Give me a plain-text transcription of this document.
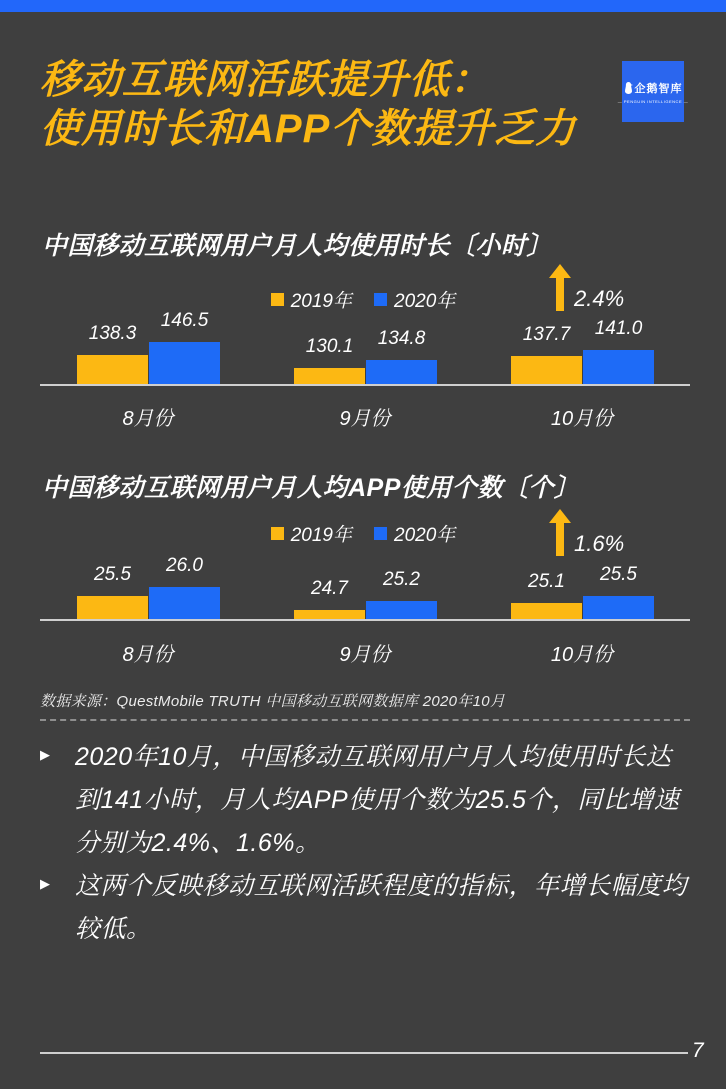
移动互联网活跃提升低：
使用时长和APP个数提升乏力
企鹅智库
— PENGUIN INTELLIGENCE —
中国移动互联网用户月人均使用时长〔小时〕
2019年 2020年	2.4%
138.3
146.5
130.1	134.8	137.7	141.0
8月份	9月份	10月份
中国移动互联网用户月人均APP使用个数〔个〕
2019年 2020年	1.6%
25.5	26.0
24.7	25.2	25.1	25.5
8月份	9月份	10月份
数据来源：QuestMobile TRUTH 中国移动互联网数据库 2020年10月
▶	2020年10月，中国移动互联网用户月人均使用时长达到141小时，月人均APP使用个数为25.5个，同比增速分别为2.4%、1.6%。
▶	这两个反映移动互联网活跃程度的指标，年增长幅度均较低。
7
